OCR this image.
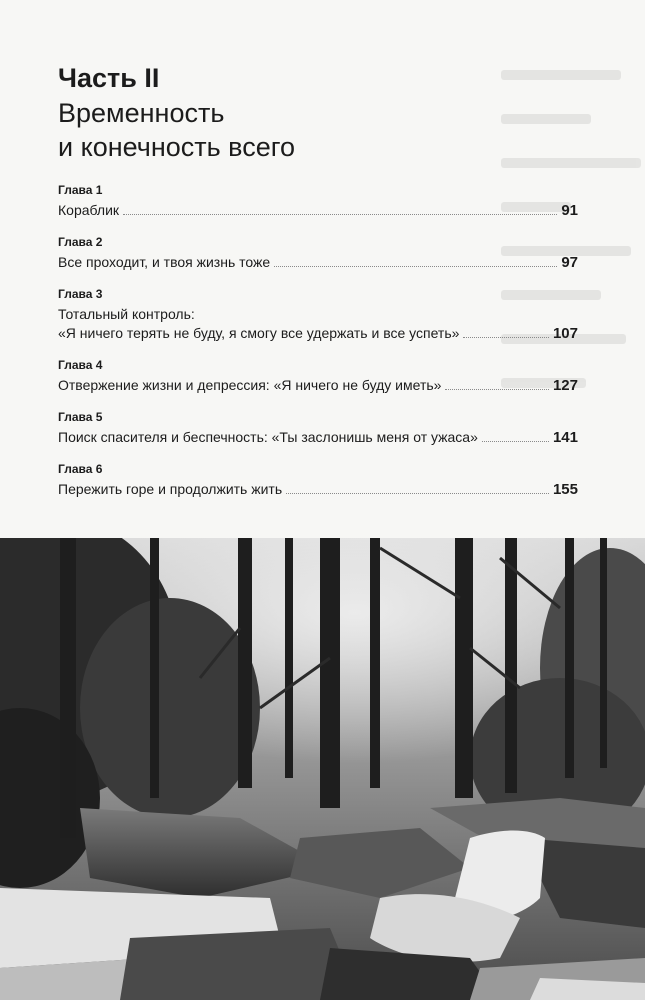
Часть II
Временность
и конечность всего
Глава 1
Кораблик	91
Глава 2
Все проходит, и твоя жизнь тоже	97
Глава 3
Тотальный контроль:
«Я ничего терять не буду, я смогу все удержать и все успеть»	107
Глава 4
Отвержение жизни и депрессия: «Я ничего не буду иметь»	127
Глава 5
Поиск спасителя и беспечность: «Ты заслонишь меня от ужаса»	141
Глава 6
Пережить горе и продолжить жить	155
